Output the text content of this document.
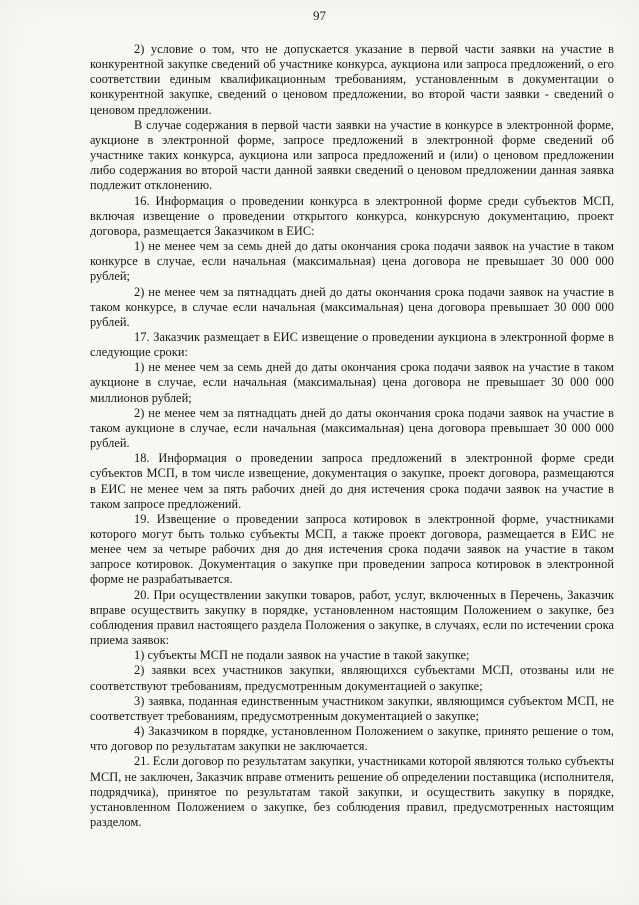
97

2) условие о том, что не допускается указание в первой части заявки на участие в конкурентной закупке сведений об участнике конкурса, аукциона или запроса предложений, о его соответствии единым квалификационным требованиям, установленным в документации о конкурентной закупке, сведений о ценовом предложении, во второй части заявки - сведений о ценовом предложении.

В случае содержания в первой части заявки на участие в конкурсе в электронной форме, аукционе в электронной форме, запросе предложений в электронной форме сведений об участнике таких конкурса, аукциона или запроса предложений и (или) о ценовом предложении либо содержания во второй части данной заявки сведений о ценовом предложении данная заявка подлежит отклонению.

16. Информация о проведении конкурса в электронной форме среди субъектов МСП, включая извещение о проведении открытого конкурса, конкурсную документацию, проект договора, размещается Заказчиком в ЕИС:

1) не менее чем за семь дней до даты окончания срока подачи заявок на участие в таком конкурсе в случае, если начальная (максимальная) цена договора не превышает 30 000 000 рублей;

2) не менее чем за пятнадцать дней до даты окончания срока подачи заявок на участие в таком конкурсе, в случае если начальная (максимальная) цена договора превышает 30 000 000 рублей.

17. Заказчик размещает в ЕИС извещение о проведении аукциона в электронной форме в следующие сроки:

1) не менее чем за семь дней до даты окончания срока подачи заявок на участие в таком аукционе в случае, если начальная (максимальная) цена договора не превышает 30 000 000 миллионов рублей;

2) не менее чем за пятнадцать дней до даты окончания срока подачи заявок на участие в таком аукционе в случае, если начальная (максимальная) цена договора превышает 30 000 000 рублей.

18. Информация о проведении запроса предложений в электронной форме среди субъектов МСП, в том числе извещение, документация о закупке, проект договора, размещаются в ЕИС не менее чем за пять рабочих дней до дня истечения срока подачи заявок на участие в таком запросе предложений.

19. Извещение о проведении запроса котировок в электронной форме, участниками которого могут быть только субъекты МСП, а также проект договора, размещается в ЕИС не менее чем за четыре рабочих дня до дня истечения срока подачи заявок на участие в таком запросе котировок. Документация о закупке при проведении запроса котировок в электронной форме не разрабатывается.

20. При осуществлении закупки товаров, работ, услуг, включенных в Перечень, Заказчик вправе осуществить закупку в порядке, установленном настоящим Положением о закупке, без соблюдения правил настоящего раздела Положения о закупке, в случаях, если по истечении срока приема заявок:

1) субъекты МСП не подали заявок на участие в такой закупке;

2) заявки всех участников закупки, являющихся субъектами МСП, отозваны или не соответствуют требованиям, предусмотренным документацией о закупке;

3) заявка, поданная единственным участником закупки, являющимся субъектом МСП, не соответствует требованиям, предусмотренным документацией о закупке;

4) Заказчиком в порядке, установленном Положением о закупке, принято решение о том, что договор по результатам закупки не заключается.

21. Если договор по результатам закупки, участниками которой являются только субъекты МСП, не заключен, Заказчик вправе отменить решение об определении поставщика (исполнителя, подрядчика), принятое по результатам такой закупки, и осуществить закупку в порядке, установленном Положением о закупке, без соблюдения правил, предусмотренных настоящим разделом.
